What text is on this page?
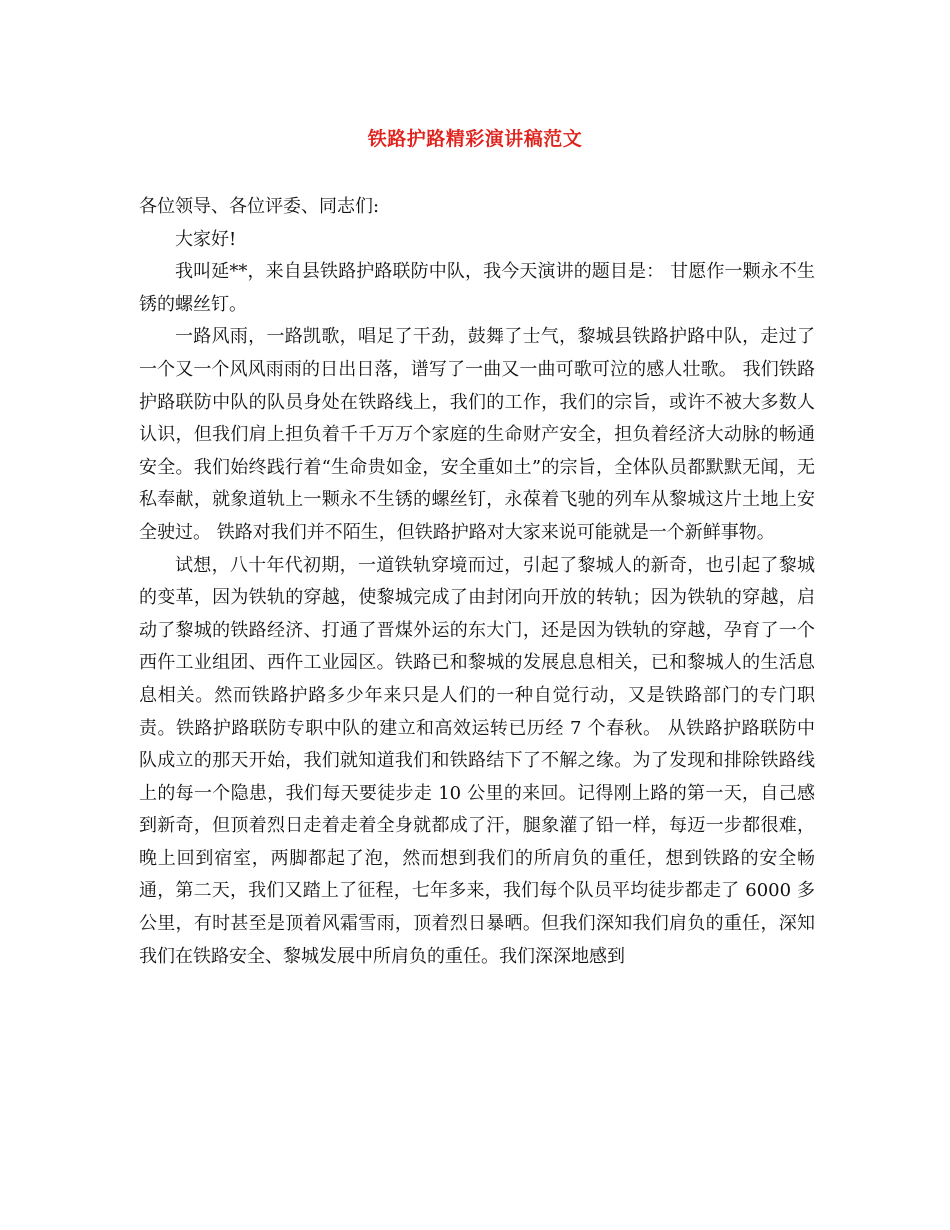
铁路护路精彩演讲稿范文

各位领导、各位评委、同志们:

大家好!

我叫延**，来自县铁路护路联防中队，我今天演讲的题目是： 甘愿作一颗永不生锈的螺丝钉。

一路风雨，一路凯歌，唱足了干劲，鼓舞了士气，黎城县铁路护路中队，走过了一个又一个风风雨雨的日出日落，谱写了一曲又一曲可歌可泣的感人壮歌。 我们铁路护路联防中队的队员身处在铁路线上，我们的工作，我们的宗旨，或许不被大多数人认识，但我们肩上担负着千千万万个家庭的生命财产安全，担负着经济大动脉的畅通安全。我们始终践行着“生命贵如金，安全重如土”的宗旨，全体队员都默默无闻，无私奉献，就象道轨上一颗永不生锈的螺丝钉，永葆着飞驰的列车从黎城这片土地上安全驶过。 铁路对我们并不陌生，但铁路护路对大家来说可能就是一个新鲜事物。

试想，八十年代初期，一道铁轨穿境而过，引起了黎城人的新奇，也引起了黎城的变革，因为铁轨的穿越，使黎城完成了由封闭向开放的转轨；因为铁轨的穿越，启动了黎城的铁路经济、打通了晋煤外运的东大门，还是因为铁轨的穿越，孕育了一个西仵工业组团、西仵工业园区。铁路已和黎城的发展息息相关，已和黎城人的生活息息相关。然而铁路护路多少年来只是人们的一种自觉行动，又是铁路部门的专门职责。铁路护路联防专职中队的建立和高效运转已历经 7 个春秋。 从铁路护路联防中队成立的那天开始，我们就知道我们和铁路结下了不解之缘。为了发现和排除铁路线上的每一个隐患，我们每天要徒步走 10 公里的来回。记得刚上路的第一天，自己感到新奇，但顶着烈日走着走着全身就都成了汗，腿象灌了铅一样，每迈一步都很难，晚上回到宿室，两脚都起了泡，然而想到我们的所肩负的重任，想到铁路的安全畅通，第二天，我们又踏上了征程，七年多来，我们每个队员平均徒步都走了 6000 多公里，有时甚至是顶着风霜雪雨，顶着烈日暴晒。但我们深知我们肩负的重任，深知我们在铁路安全、黎城发展中所肩负的重任。我们深深地感到
